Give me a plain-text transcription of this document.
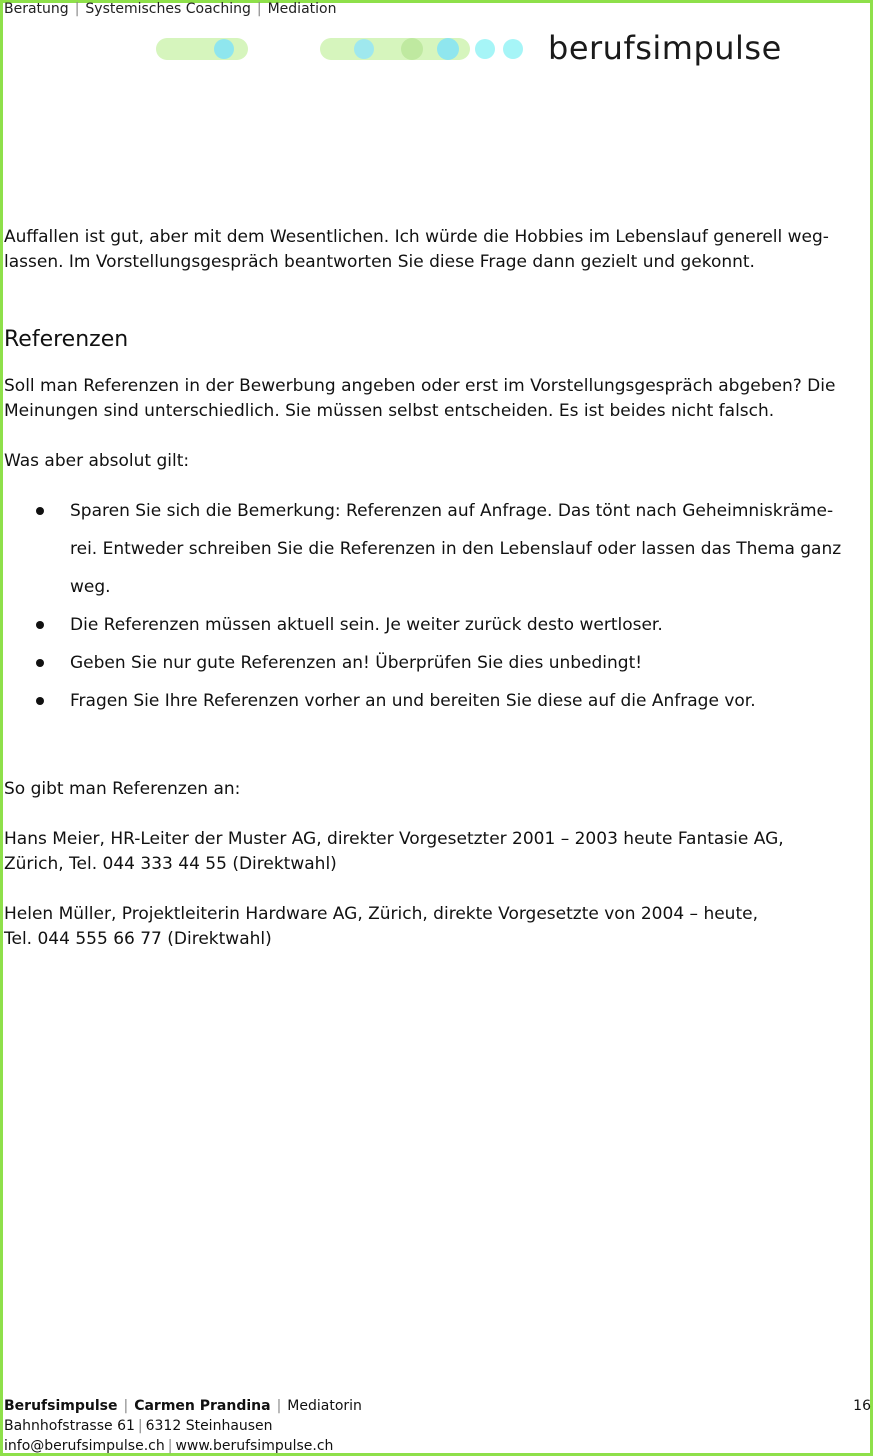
Beratung | Systemisches Coaching | Mediation
berufsimpulse
Auffallen ist gut, aber mit dem Wesentlichen. Ich würde die Hobbies im Lebenslauf generell weg-
lassen. Im Vorstellungsgespräch beantworten Sie diese Frage dann gezielt und gekonnt.
Referenzen
Soll man Referenzen in der Bewerbung angeben oder erst im Vorstellungsgespräch abgeben? Die
Meinungen sind unterschiedlich. Sie müssen selbst entscheiden. Es ist beides nicht falsch.
Was aber absolut gilt:
Sparen Sie sich die Bemerkung: Referenzen auf Anfrage. Das tönt nach Geheimniskräme-
rei. Entweder schreiben Sie die Referenzen in den Lebenslauf oder lassen das Thema ganz
weg.
Die Referenzen müssen aktuell sein. Je weiter zurück desto wertloser.
Geben Sie nur gute Referenzen an! Überprüfen Sie dies unbedingt!
Fragen Sie Ihre Referenzen vorher an und bereiten Sie diese auf die Anfrage vor.
So gibt man Referenzen an:
Hans Meier, HR-Leiter der Muster AG, direkter Vorgesetzter 2001 – 2003 heute Fantasie AG,
Zürich, Tel. 044 333 44 55 (Direktwahl)
Helen Müller, Projektleiterin Hardware AG, Zürich, direkte Vorgesetzte von 2004 – heute,
Tel. 044 555 66 77 (Direktwahl)
Berufsimpulse | Carmen Prandina | Mediatorin
Bahnhofstrasse 61 | 6312 Steinhausen
info@berufsimpulse.ch | www.berufsimpulse.ch
16
